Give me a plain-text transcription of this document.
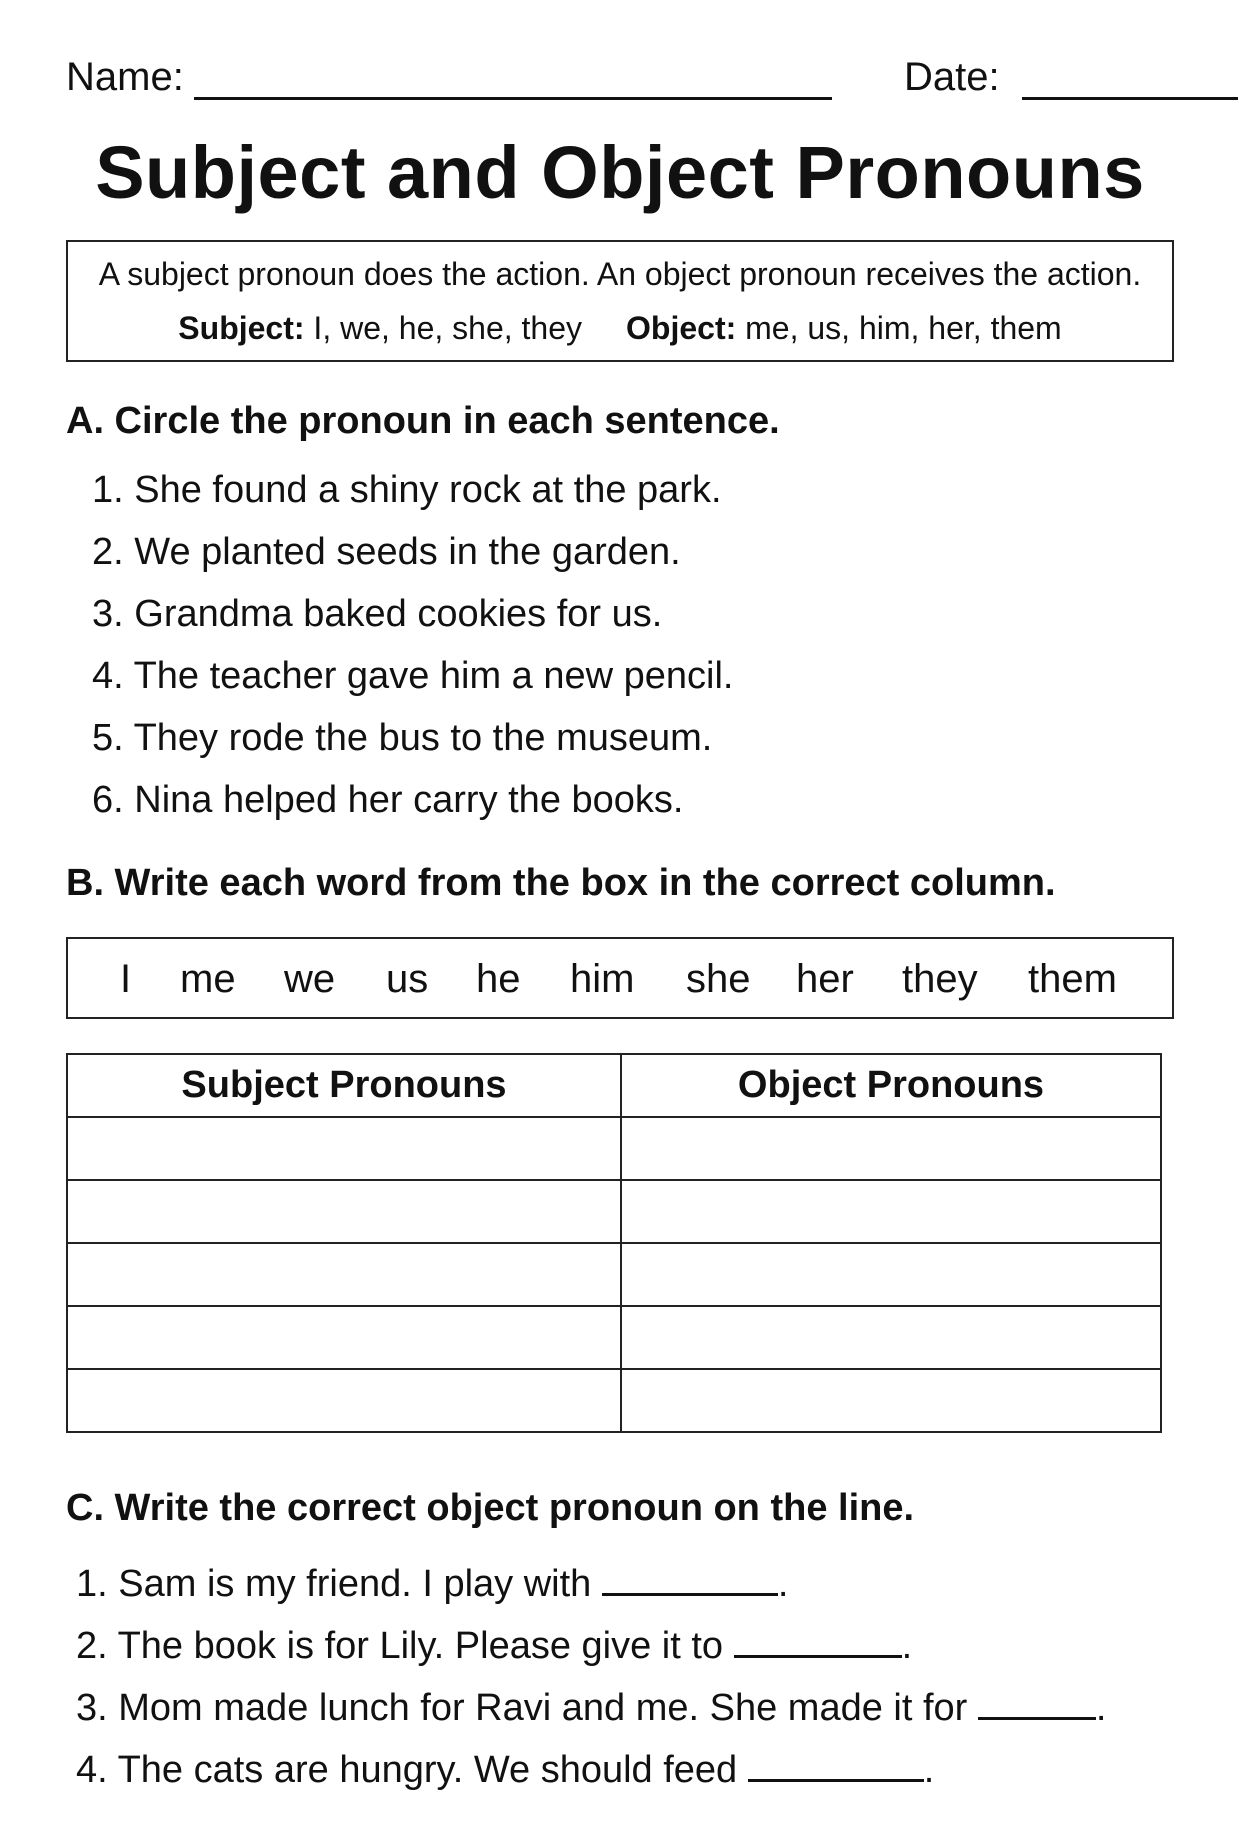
Name:	Date:
Subject and Object Pronouns
A subject pronoun does the action. An object pronoun receives the action.
Subject: I, we, he, she, they Object: me, us, him, her, them
A. Circle the pronoun in each sentence.
1. She found a shiny rock at the park.
2. We planted seeds in the garden.
3. Grandma baked cookies for us.
4. The teacher gave him a new pencil.
5. They rode the bus to the museum.
6. Nina helped her carry the books.
B. Write each word from the box in the correct column.
I me we us he him she her they them
Subject Pronouns	Object Pronouns

C. Write the correct object pronoun on the line.
1. Sam is my friend. I play with	.
2. The book is for Lily. Please give it to	.
3. Mom made lunch for Ravi and me. She made it for	.
4. The cats are hungry. We should feed	.
